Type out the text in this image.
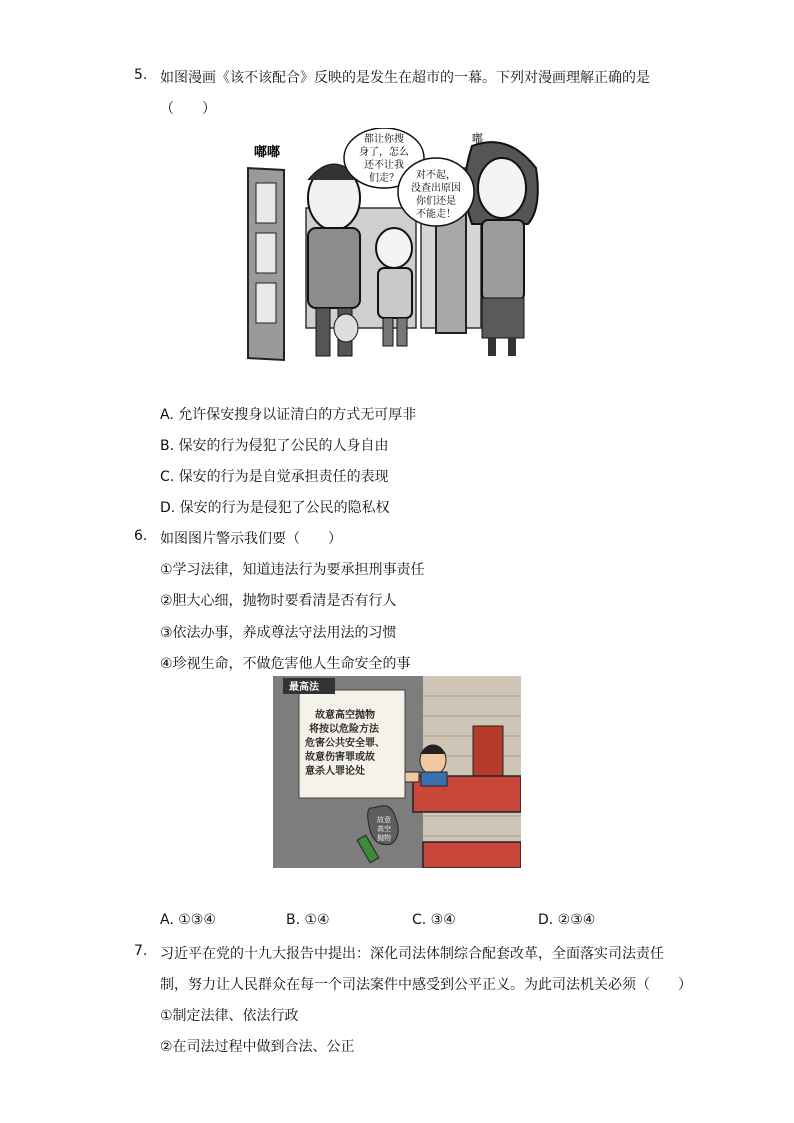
5. 如图漫画《该不该配合》反映的是发生在超市的一幕。下列对漫画理解正确的是
（　　）
嘟嘟
嘟
都让你搜
身了，怎么
还不让我
们走？ 对不起，
没查出原因
你们还是
不能走！
A. 允许保安搜身以证清白的方式无可厚非
B. 保安的行为侵犯了公民的人身自由
C. 保安的行为是自觉承担责任的表现
D. 保安的行为是侵犯了公民的隐私权
6. 如图图片警示我们要（　　）
①学习法律，知道违法行为要承担刑事责任
②胆大心细，抛物时要看清是否有行人
③依法办事，养成尊法守法用法的习惯
④珍视生命，不做危害他人生命安全的事
最高法
故意高空抛物
将按以危险方法
危害公共安全罪、
故意伤害罪或故
意杀人罪论处
故意
高空
抛物
A. ①③④	B. ①④	C. ③④	D. ②③④
7. 习近平在党的十九大报告中提出：深化司法体制综合配套改革，全面落实司法责任
制，努力让人民群众在每一个司法案件中感受到公平正义。为此司法机关必须（　　）
①制定法律、依法行政
②在司法过程中做到合法、公正
